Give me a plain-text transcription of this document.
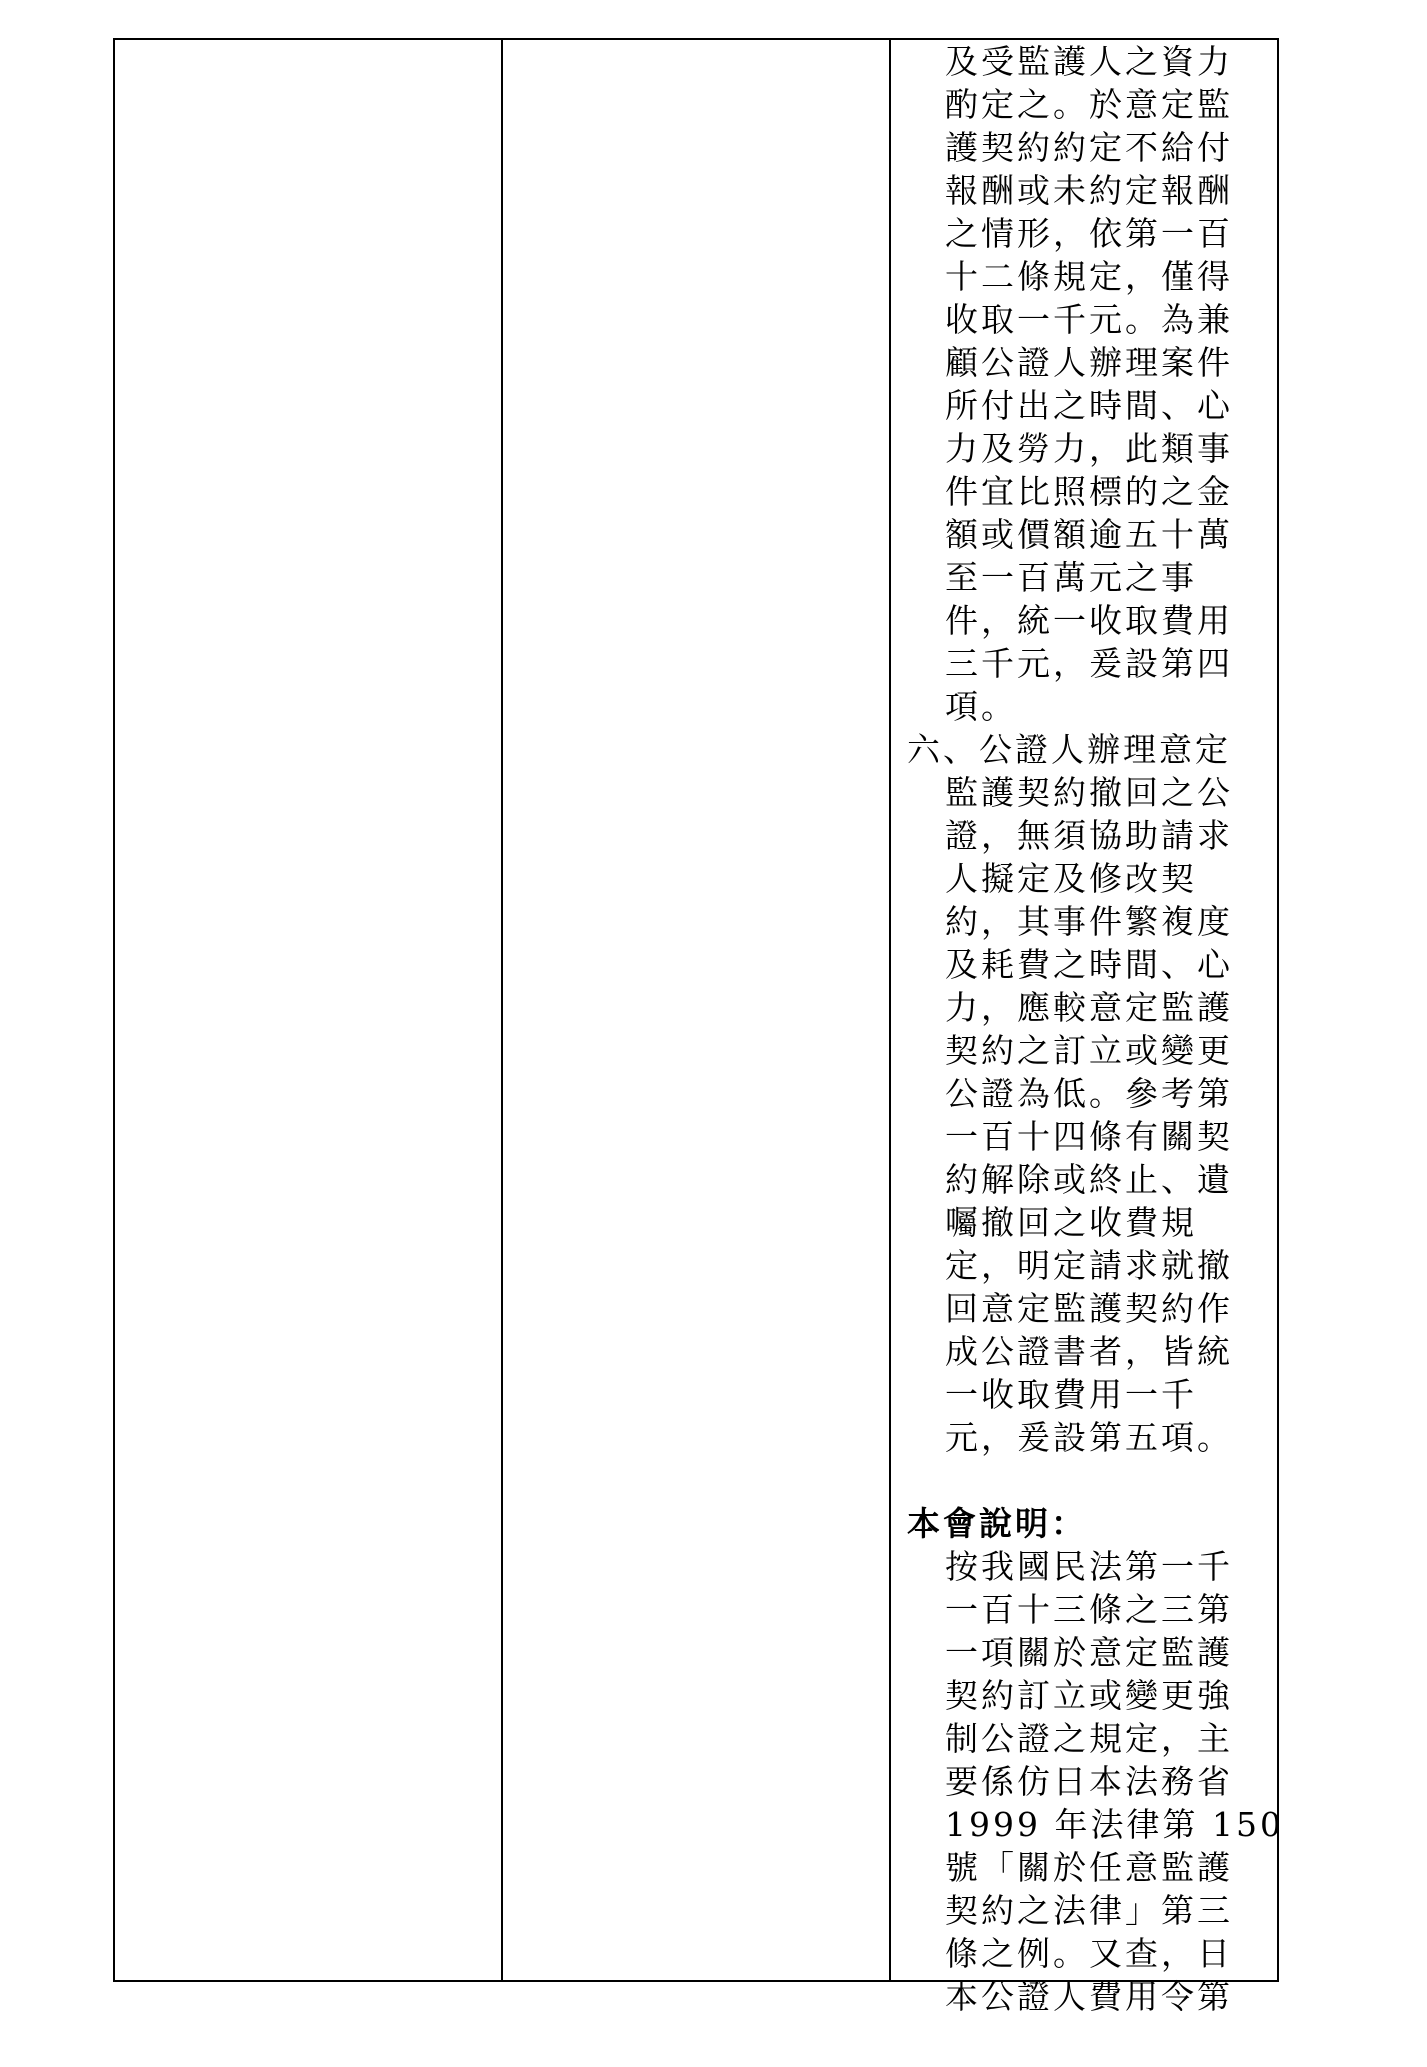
及受監護人之資力
酌定之。於意定監
護契約約定不給付
報酬或未約定報酬
之情形，依第一百
十二條規定，僅得
收取一千元。為兼
顧公證人辦理案件
所付出之時間、心
力及勞力，此類事
件宜比照標的之金
額或價額逾五十萬
至一百萬元之事
件，統一收取費用
三千元，爰設第四
項。
六、公證人辦理意定
監護契約撤回之公
證，無須協助請求
人擬定及修改契
約，其事件繁複度
及耗費之時間、心
力，應較意定監護
契約之訂立或變更
公證為低。參考第
一百十四條有關契
約解除或終止、遺
囑撤回之收費規
定，明定請求就撤
回意定監護契約作
成公證書者，皆統
一收取費用一千
元，爰設第五項。
本會說明：
按我國民法第一千
一百十三條之三第
一項關於意定監護
契約訂立或變更強
制公證之規定，主
要係仿日本法務省
1999 年法律第 150
號「關於任意監護
契約之法律」第三
條之例。又查，日
本公證人費用令第
